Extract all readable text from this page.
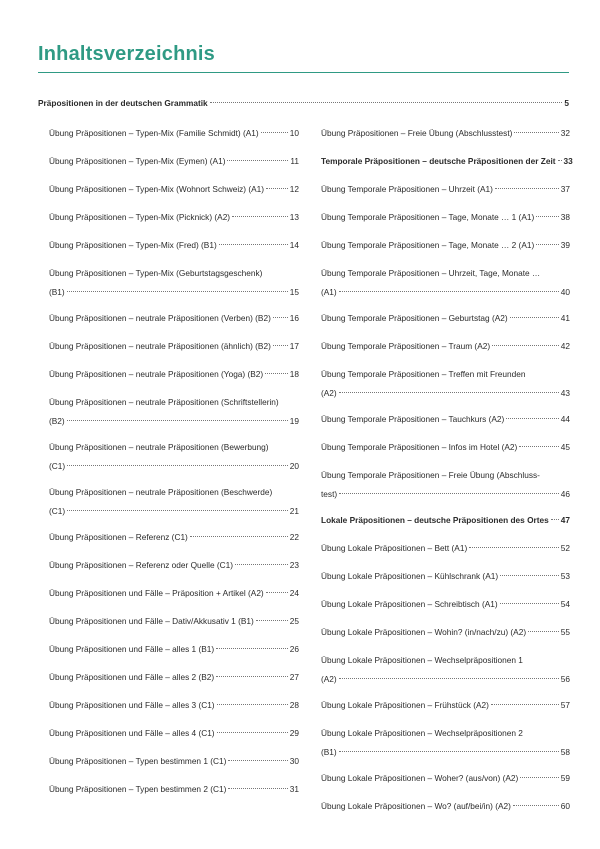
Inhaltsverzeichnis
Präpositionen in der deutschen Grammatik	5
Übung Präpositionen – Typen-Mix (Familie Schmidt) (A1)	10
Übung Präpositionen – Typen-Mix (Eymen) (A1)	11
Übung Präpositionen – Typen-Mix (Wohnort Schweiz) (A1)	12
Übung Präpositionen – Typen-Mix (Picknick) (A2)	13
Übung Präpositionen – Typen-Mix (Fred) (B1)	14
Übung Präpositionen – Typen-Mix (Geburtstagsgeschenk)
(B1)	15
Übung Präpositionen – neutrale Präpositionen (Verben) (B2) 16
Übung Präpositionen – neutrale Präpositionen (ähnlich) (B2) 17
Übung Präpositionen – neutrale Präpositionen (Yoga) (B2)	18
Übung Präpositionen – neutrale Präpositionen (Schriftstellerin)
(B2)	19
Übung Präpositionen – neutrale Präpositionen (Bewerbung)
(C1)	20
Übung Präpositionen – neutrale Präpositionen (Beschwerde)
(C1)	21
Übung Präpositionen – Referenz (C1)	22
Übung Präpositionen – Referenz oder Quelle (C1)	23
Übung Präpositionen und Fälle – Präposition + Artikel (A2)	24
Übung Präpositionen und Fälle – Dativ/Akkusativ 1 (B1)	25
Übung Präpositionen und Fälle – alles 1 (B1)	26
Übung Präpositionen und Fälle – alles 2 (B2)	27
Übung Präpositionen und Fälle – alles 3 (C1)	28
Übung Präpositionen und Fälle – alles 4 (C1)	29
Übung Präpositionen – Typen bestimmen 1 (C1)	30
Übung Präpositionen – Typen bestimmen 2 (C1)	31
Übung Präpositionen – Freie Übung (Abschlusstest)	32
Temporale Präpositionen – deutsche Präpositionen der Zeit 33
Übung Temporale Präpositionen – Uhrzeit (A1)	37
Übung Temporale Präpositionen – Tage, Monate … 1 (A1)	38
Übung Temporale Präpositionen – Tage, Monate … 2 (A1)	39
Übung Temporale Präpositionen – Uhrzeit, Tage, Monate …
(A1)	40
Übung Temporale Präpositionen – Geburtstag (A2)	41
Übung Temporale Präpositionen – Traum (A2)	42
Übung Temporale Präpositionen – Treffen mit Freunden
(A2)	43
Übung Temporale Präpositionen – Tauchkurs (A2)	44
Übung Temporale Präpositionen – Infos im Hotel (A2)	45
Übung Temporale Präpositionen – Freie Übung (Abschluss-
test)	46
Lokale Präpositionen – deutsche Präpositionen des Ortes 47
Übung Lokale Präpositionen – Bett (A1)	52
Übung Lokale Präpositionen – Kühlschrank (A1)	53
Übung Lokale Präpositionen – Schreibtisch (A1)	54
Übung Lokale Präpositionen – Wohin? (in/nach/zu) (A2)	55
Übung Lokale Präpositionen – Wechselpräpositionen 1
(A2)	56
Übung Lokale Präpositionen – Frühstück (A2)	57
Übung Lokale Präpositionen – Wechselpräpositionen 2
(B1)	58
Übung Lokale Präpositionen – Woher? (aus/von) (A2)	59
Übung Lokale Präpositionen – Wo? (auf/bei/in) (A2)	60
